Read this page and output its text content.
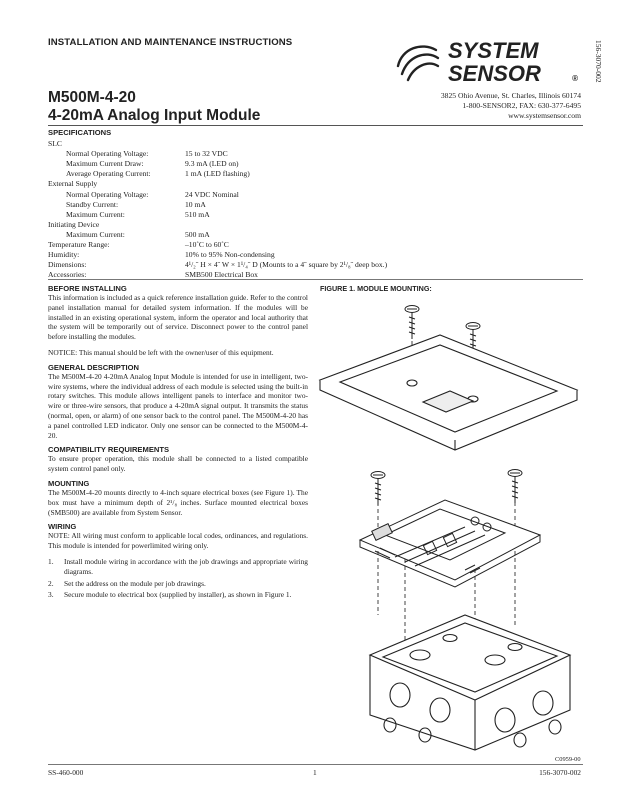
INSTALLATION AND MAINTENANCE INSTRUCTIONS	156-3070-002
SYSTEM
SENSOR	®
3825 Ohio Avenue, St. Charles, Illinois 60174
1-800-SENSOR2, FAX: 630-377-6495
www.systemsensor.com
M500M-4-20
4-20mA Analog Input Module
SPECIFICATIONS
SLC
Normal Operating Voltage:	15 to 32 VDC
Maximum Current Draw:	9.3 mA (LED on)
Average Operating Current:	1 mA (LED flashing)
External Supply
Normal Operating Voltage:	24 VDC Nominal
Standby Current:	10 mA
Maximum Current:	510 mA
Initiating Device
Maximum Current:	500 mA
Temperature Range:	–10˚C to 60˚C
Humidity:	10% to 95% Non-condensing
Dimensions:	4¹/₂˝ H × 4˝ W × 1¹/₄˝ D (Mounts to a 4˝ square by 2¹/₈˝ deep box.)
Accessories:	SMB500 Electrical Box
BEFORE INSTALLING
This information is included as a quick reference installation guide. Refer to the control panel installation manual for detailed system information. If the modules will be installed in an existing operational system, inform the operator and local authority that the system will be temporarily out of service. Disconnect power to the control panel before installing the modules.
NOTICE: This manual should be left with the owner/user of this equipment.
GENERAL DESCRIPTION
The M500M-4-20 4-20mA Analog Input Module is intended for use in intelligent, two-wire systems, where the individual address of each module is selected using the built-in rotary switches. This module allows intelligent panels to interface and monitor two-wire or three-wire sensors, that produce a 4-20mA signal output. It transmits the status (normal, open, or alarm) of one sensor back to the control panel. The M500M-4-20 has a panel controlled LED indicator. Only one sensor can be connected to the M500M-4-20.
COMPATIBILITY REQUIREMENTS
To ensure proper operation, this module shall be connected to a listed compatible system control panel only.
MOUNTING
The M500M-4-20 mounts directly to 4-inch square electrical boxes (see Figure 1). The box must have a minimum depth of 2¹/₈ inches. Surface mounted electrical boxes (SMB500) are available from System Sensor.
WIRING
NOTE: All wiring must conform to applicable local codes, ordinances, and regulations. This module is intended for powerlimited wiring only.
1. Install module wiring in accordance with the job drawings and appropriate wiring diagrams.
2. Set the address on the module per job drawings.
3. Secure module to electrical box (supplied by installer), as shown in Figure 1.
FIGURE 1. MODULE MOUNTING:
C0959-00
SS-460-000	1	156-3070-002
